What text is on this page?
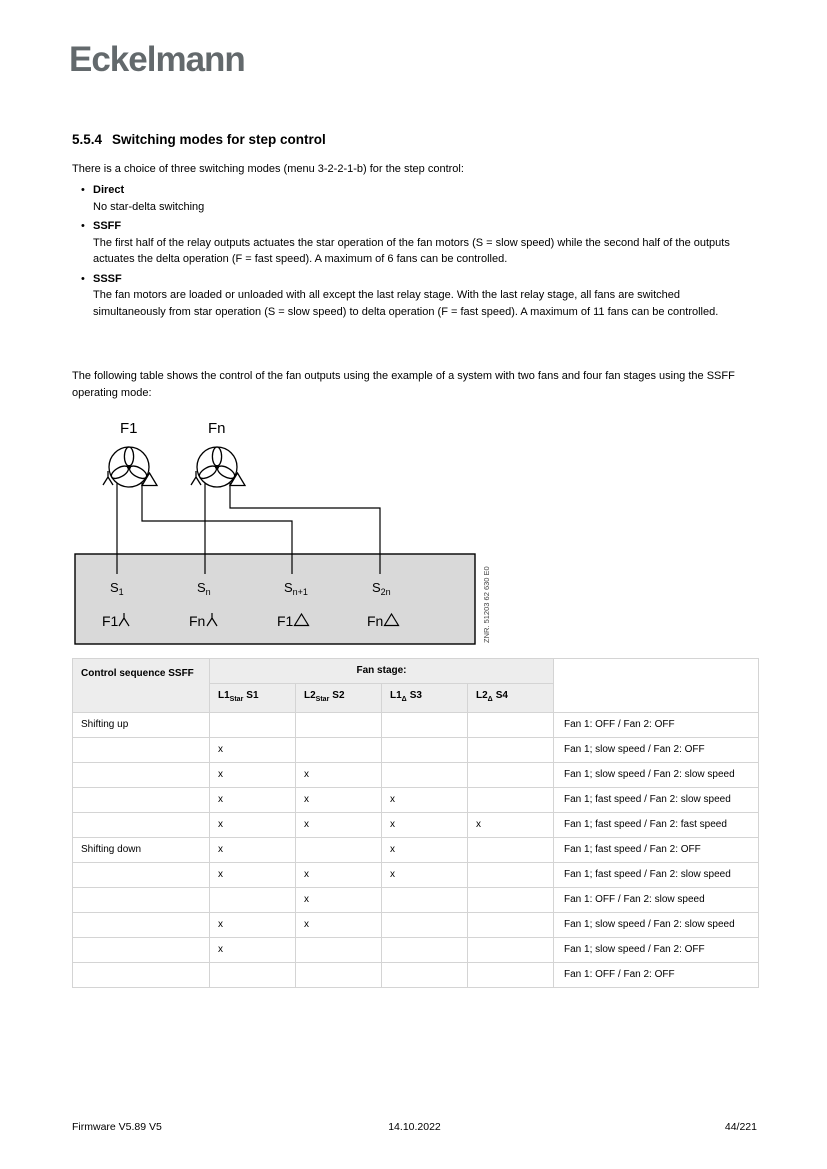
Eckelmann
5.5.4 Switching modes for step control
There is a choice of three switching modes (menu 3-2-2-1-b) for the step control:
• Direct
No star-delta switching
• SSFF
The first half of the relay outputs actuates the star operation of the fan motors (S = slow speed) while the second half of the outputs actuates the delta operation (F = fast speed). A maximum of 6 fans can be controlled.
• SSSF
The fan motors are loaded or unloaded with all except the last relay stage. With the last relay stage, all fans are switched simultaneously from star operation (S = slow speed) to delta operation (F = fast speed). A maximum of 11 fans can be controlled.
The following table shows the control of the fan outputs using the example of a system with two fans and four fan stages using the SSFF operating mode:
F1	Fn
$S_1$	$S_n$	$S_{n+1}$	$S_{2n}$
F1	Fn	F1	Fn	ZNR. 51203 62 630 E0
Control sequence SSFF	Fan stage:				
	$L1_{Star}$ S1	$L2_{Star}$ S2	$L1_\Delta$ S3	$L2_\Delta$ S4	
Shifting up					Fan 1: OFF / Fan 2: OFF
	x				Fan 1; slow speed / Fan 2: OFF
	x	x			Fan 1; slow speed / Fan 2: slow speed
	x	x	x		Fan 1; fast speed / Fan 2: slow speed
	x	x	x	x	Fan 1; fast speed / Fan 2: fast speed
Shifting down	x		x		Fan 1; fast speed / Fan 2: OFF
	x	x	x		Fan 1; fast speed / Fan 2: slow speed
		x			Fan 1: OFF / Fan 2: slow speed
	x	x			Fan 1; slow speed / Fan 2: slow speed
	x				Fan 1; slow speed / Fan 2: OFF
					Fan 1: OFF / Fan 2: OFF
Firmware V5.89 V5	14.10.2022	44/221
